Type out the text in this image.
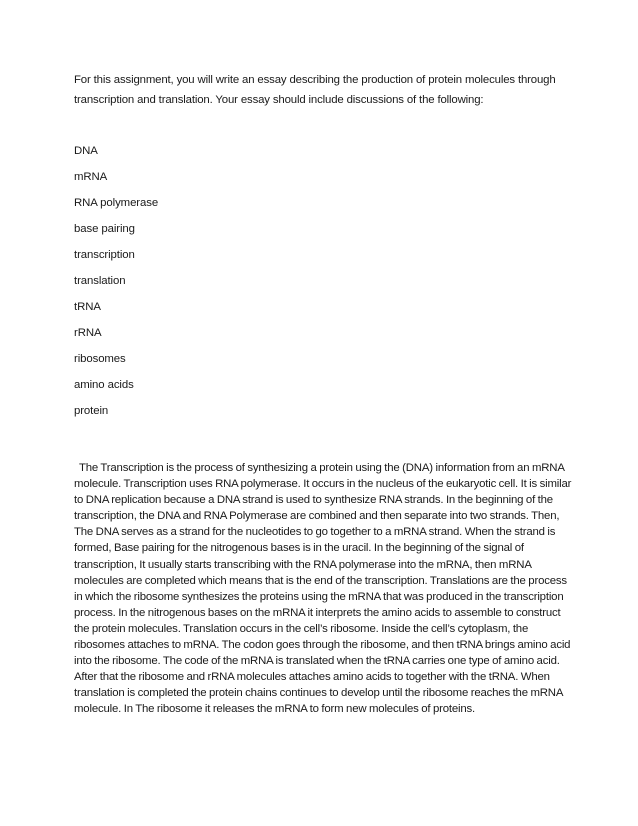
For this assignment, you will write an essay describing the production of protein molecules through transcription and translation. Your essay should include discussions of the following:

DNA
mRNA
RNA polymerase
base pairing
transcription
translation
tRNA
rRNA
ribosomes
amino acids
protein

The Transcription is the process of synthesizing a protein using the (DNA) information from an mRNA
molecule. Transcription uses RNA polymerase. It occurs in the nucleus of the eukaryotic cell. It is similar
to DNA replication because a DNA strand is used to synthesize RNA strands. In the beginning of the
transcription, the DNA and RNA Polymerase are combined and then separate into two strands. Then,
The DNA serves as a strand for the nucleotides to go together to a mRNA strand. When the strand is
formed, Base pairing for the nitrogenous bases is in the uracil. In the beginning of the signal of
transcription, It usually starts transcribing with the RNA polymerase into the mRNA, then mRNA
molecules are completed which means that is the end of the transcription. Translations are the process
in which the ribosome synthesizes the proteins using the mRNA that was produced in the transcription
process. In the nitrogenous bases on the mRNA it interprets the amino acids to assemble to construct
the protein molecules. Translation occurs in the cell’s ribosome. Inside the cell’s cytoplasm, the
ribosomes attaches to mRNA. The codon goes through the ribosome, and then tRNA brings amino acid
into the ribosome. The code of the mRNA is translated when the tRNA carries one type of amino acid.
After that the ribosome and rRNA molecules attaches amino acids to together with the tRNA. When
translation is completed the protein chains continues to develop until the ribosome reaches the mRNA
molecule. In The ribosome it releases the mRNA to form new molecules of proteins.
